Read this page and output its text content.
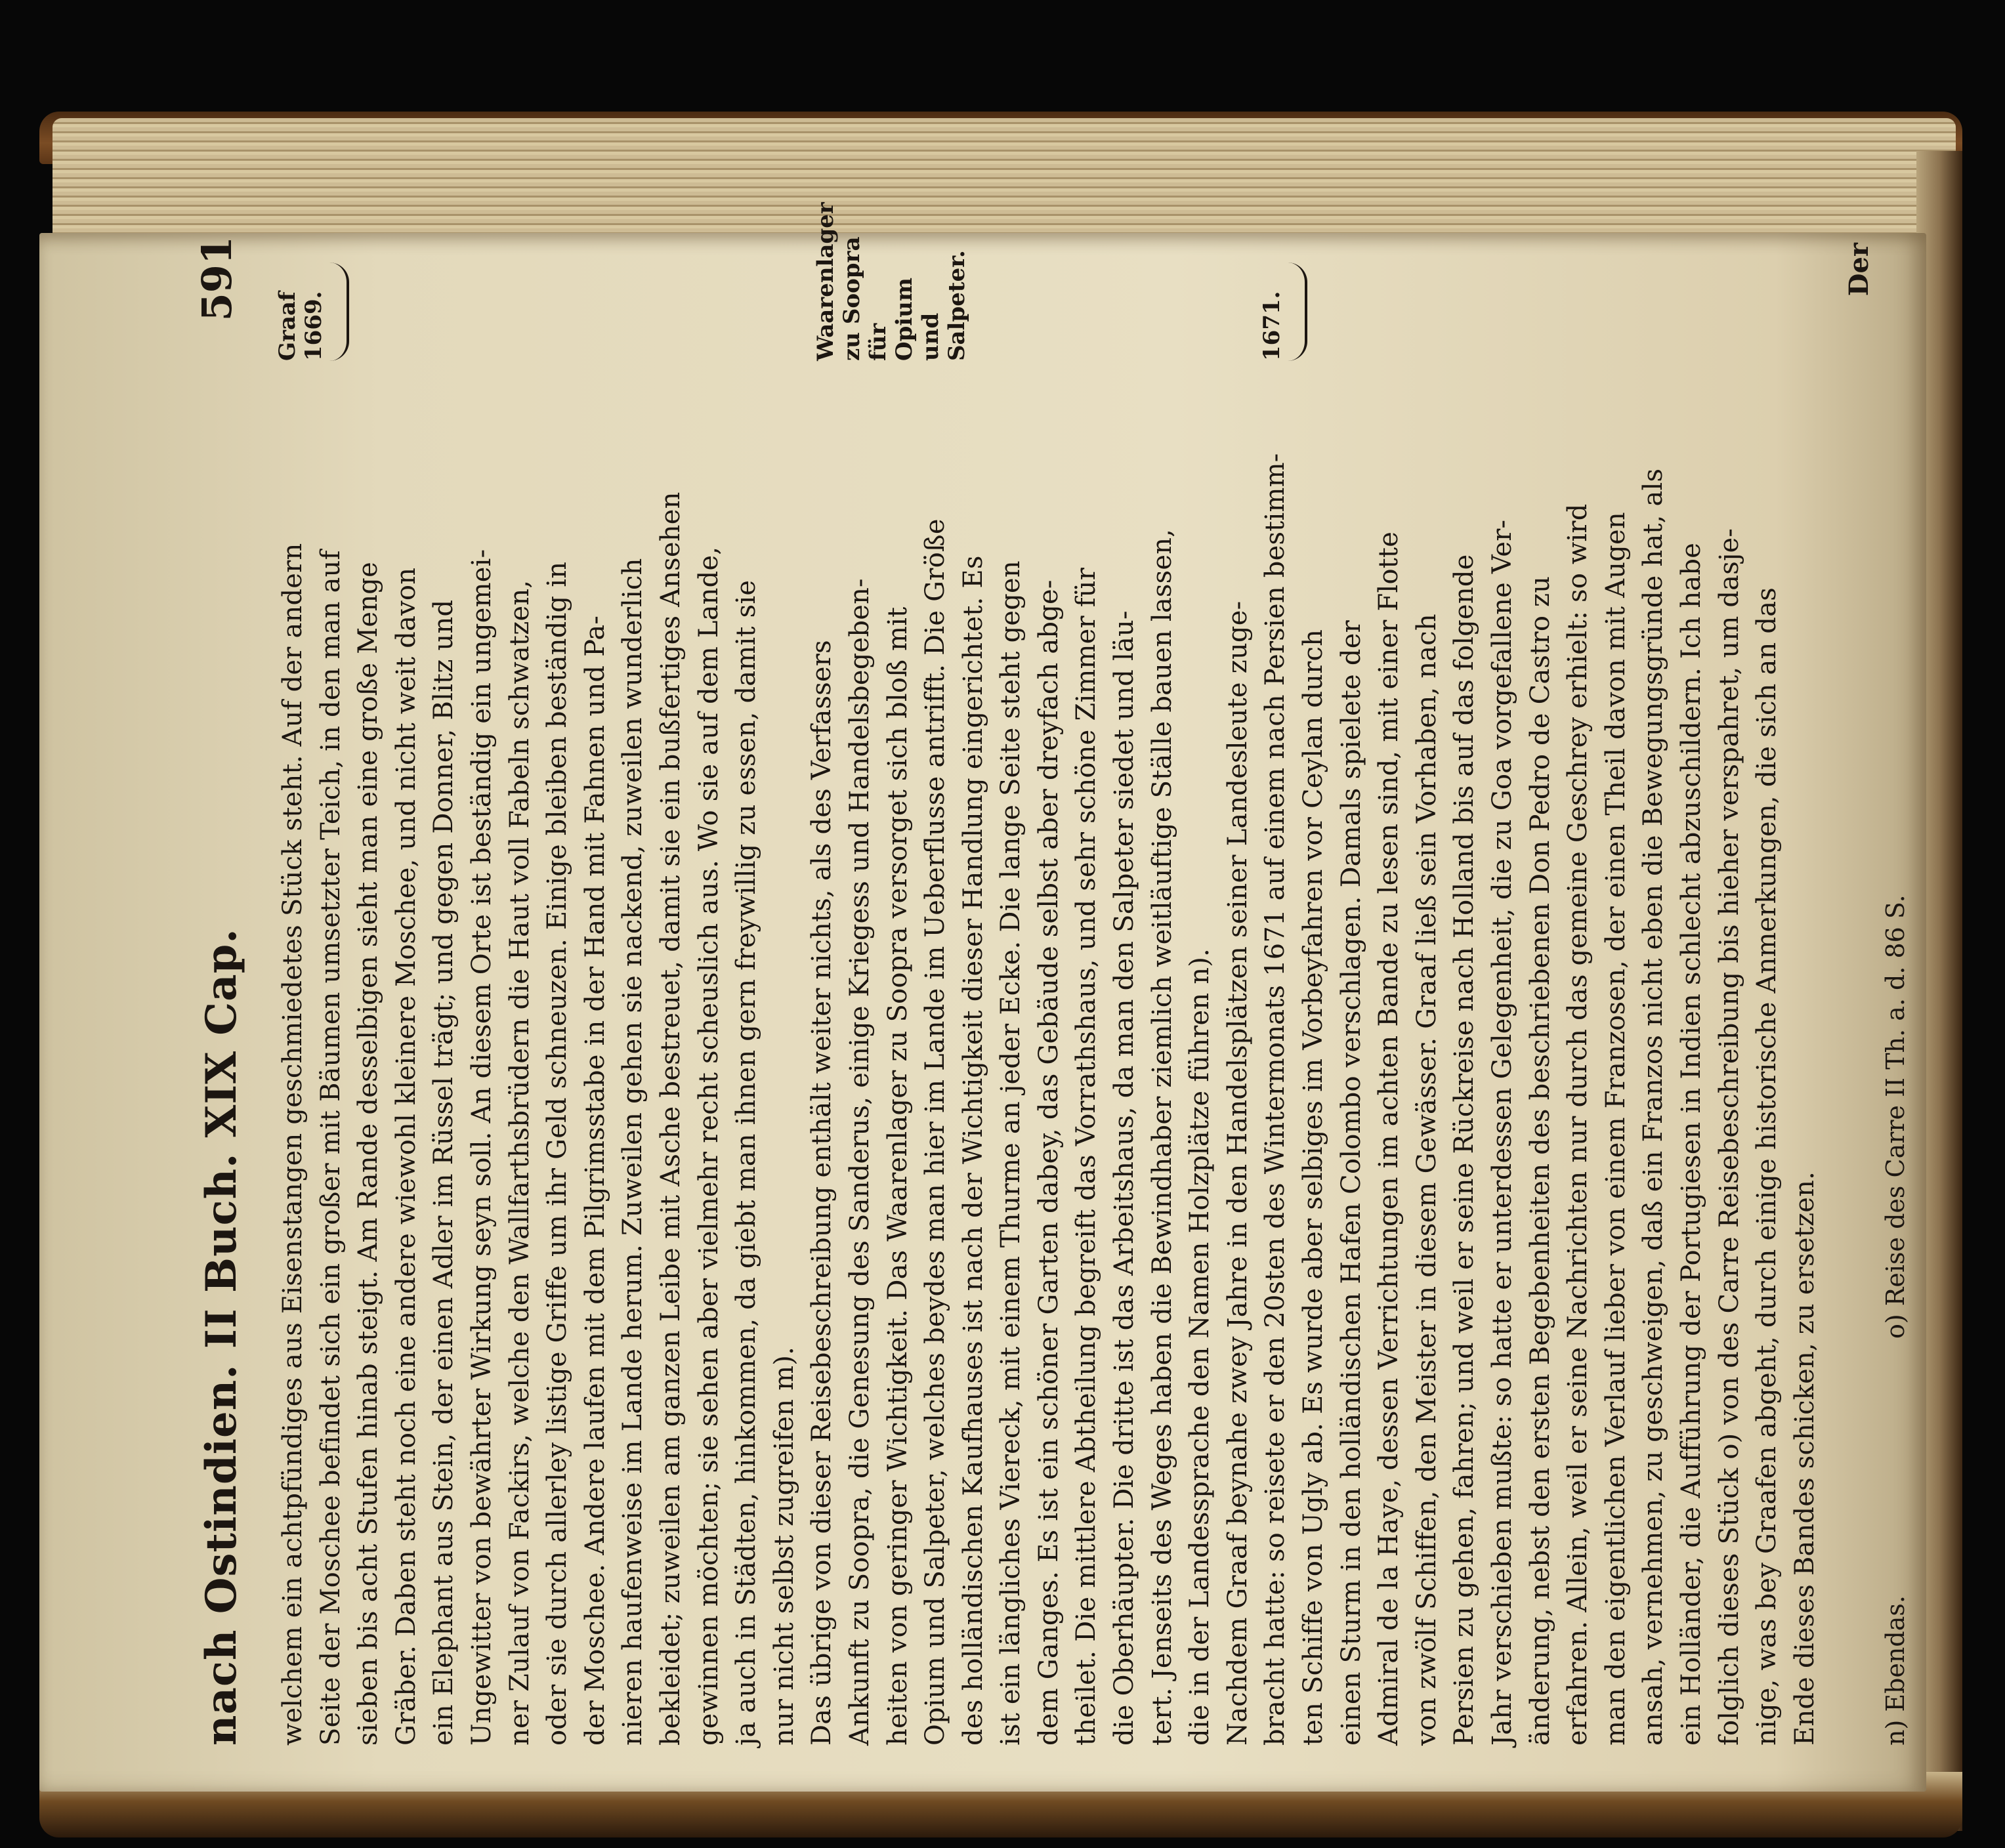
nach Ostindien. II Buch. XIX Cap.
591
Graaf 1669.	Waarenlager zu Soopra für Opium und Salpeter.	1671.
welchem ein achtpfündiges aus Eisenstangen geschmiedetes Stück steht. Auf der andern Seite der Moschee befindet sich ein großer mit Bäumen umsetzter Teich, in den man auf sieben bis acht Stufen hinab steigt. Am Rande desselbigen sieht man eine große Menge Gräber. Daben steht noch eine andere wiewohl kleinere Moschee, und nicht weit davon ein Elephant aus Stein, der einen Adler im Rüssel trägt; und gegen Donner, Blitz und Ungewitter von bewährter Wirkung seyn soll. An diesem Orte ist beständig ein ungemei- ner Zulauf von Fackirs, welche den Wallfarthsbrüdern die Haut voll Fabeln schwatzen, oder sie durch allerley listige Griffe um ihr Geld schneuzen. Einige bleiben beständig in der Moschee. Andere laufen mit dem Pilgrimsstabe in der Hand mit Fahnen und Pa- nieren haufenweise im Lande herum. Zuweilen gehen sie nackend, zuweilen wunderlich bekleidet; zuweilen am ganzen Leibe mit Asche bestreuet, damit sie ein bußfertiges Ansehen gewinnen möchten; sie sehen aber vielmehr recht scheuslich aus. Wo sie auf dem Lande, ja auch in Städten, hinkommen, da giebt man ihnen gern freywillig zu essen, damit sie nur nicht selbst zugreifen m). Das übrige von dieser Reisebeschreibung enthält weiter nichts, als des Verfassers Ankunft zu Soopra, die Genesung des Sanderus, einige Kriegess und Handelsbegeben- heiten von geringer Wichtigkeit. Das Waarenlager zu Soopra versorget sich bloß mit Opium und Salpeter, welches beydes man hier im Lande im Ueberflusse antrifft. Die Größe des holländischen Kaufhauses ist nach der Wichtigkeit dieser Handlung eingerichtet. Es ist ein längliches Viereck, mit einem Thurme an jeder Ecke. Die lange Seite steht gegen dem Ganges. Es ist ein schöner Garten dabey, das Gebäude selbst aber dreyfach abge- theilet. Die mittlere Abtheilung begreift das Vorrathshaus, und sehr schöne Zimmer für die Oberhäupter. Die dritte ist das Arbeitshaus, da man den Salpeter siedet und läu- tert. Jenseits des Weges haben die Bewindhaber ziemlich weitläuftige Ställe bauen lassen, die in der Landessprache den Namen Holzplätze führen n). Nachdem Graaf beynahe zwey Jahre in den Handelsplätzen seiner Landesleute zuge- bracht hatte: so reisete er den 20sten des Wintermonats 1671 auf einem nach Persien bestimm- ten Schiffe von Ugly ab. Es wurde aber selbiges im Vorbeyfahren vor Ceylan durch einen Sturm in den holländischen Hafen Colombo verschlagen. Damals spielete der Admiral de la Haye, dessen Verrichtungen im achten Bande zu lesen sind, mit einer Flotte von zwölf Schiffen, den Meister in diesem Gewässer. Graaf ließ sein Vorhaben, nach Persien zu gehen, fahren; und weil er seine Rückreise nach Holland bis auf das folgende Jahr verschieben mußte: so hatte er unterdessen Gelegenheit, die zu Goa vorgefallene Ver- änderung, nebst den ersten Begebenheiten des beschriebenen Don Pedro de Castro zu erfahren. Allein, weil er seine Nachrichten nur durch das gemeine Geschrey erhielt: so wird man den eigentlichen Verlauf lieber von einem Franzosen, der einen Theil davon mit Augen ansah, vernehmen, zu geschweigen, daß ein Franzos nicht eben die Bewegungsgründe hat, als ein Holländer, die Aufführung der Portugiesen in Indien schlecht abzuschildern. Ich habe folglich dieses Stück o) von des Carre Reisebeschreibung bis hieher verspahret, um dasje- nige, was bey Graafen abgeht, durch einige historische Anmerkungen, die sich an das Ende dieses Bandes schicken, zu ersetzen.
Der
n) Ebendas.
o) Reise des Carre II Th. a. d. 86 S.
